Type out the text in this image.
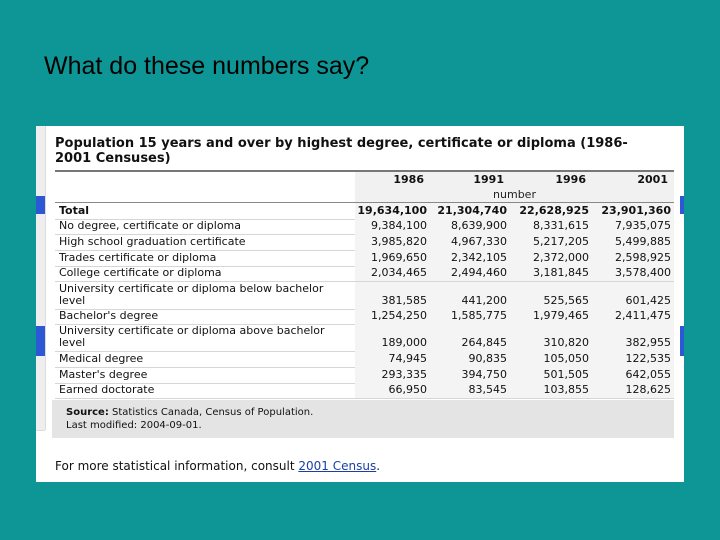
What do these numbers say?
Population 15 years and over by highest degree, certificate or diploma (1986-2001 Censuses)
1986	1991	1996	2001
number
Total	19,634,100 21,304,740	22,628,925	23,901,360
No degree, certificate or diploma	9,384,100	8,639,900	8,331,615	7,935,075
High school graduation certificate	3,985,820	4,967,330	5,217,205	5,499,885
Trades certificate or diploma	1,969,650	2,342,105	2,372,000	2,598,925
College certificate or diploma	2,034,465	2,494,460	3,181,845	3,578,400
University certificate or diploma below bachelor level	381,585	441,200	525,565	601,425
Bachelor's degree	1,254,250	1,585,775	1,979,465	2,411,475
University certificate or diploma above bachelor level	189,000	264,845	310,820	382,955
Medical degree	74,945	90,835	105,050	122,535
Master's degree	293,335	394,750	501,505	642,055
Earned doctorate	66,950	83,545	103,855	128,625
Source: Statistics Canada, Census of Population.
Last modified: 2004-09-01.
For more statistical information, consult 2001 Census.
